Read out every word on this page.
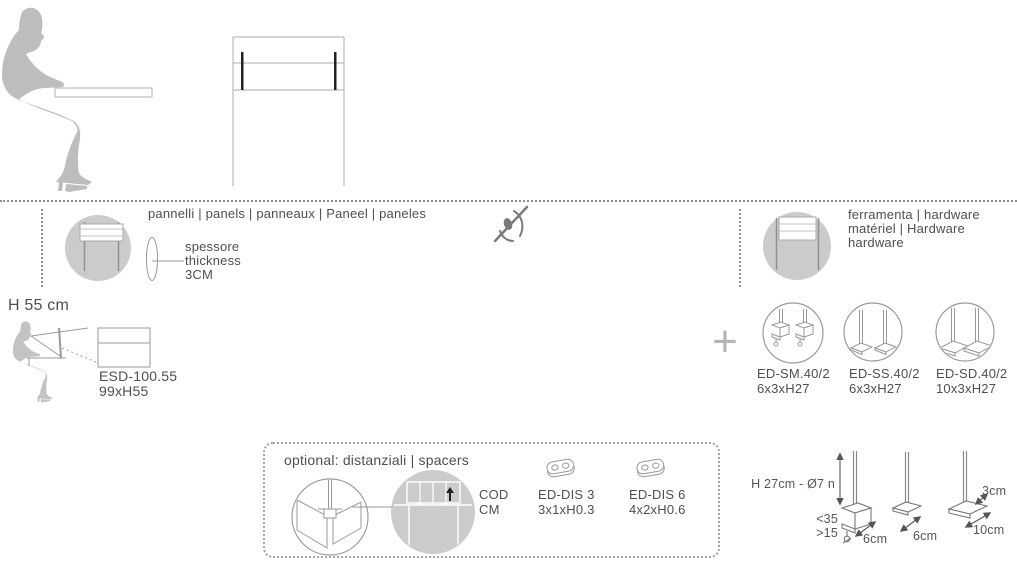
pannelli | panels | panneaux | Paneel | paneles
spessore
thickness
3CM
ferramenta | hardware
matériel | Hardware
hardware
H 55 cm
ESD-100.55
99xH55
+
ED-SM.40/2
6x3xH27
ED-SS.40/2
6x3xH27
ED-SD.40/2
10x3xH27
optional: distanziali | spacers
COD
CM
ED-DIS 3
3x1xH0.3
ED-DIS 6
4x2xH0.6
H 27cm - Ø7 n
<35
>15 6cm 6cm
3cm
10cm
